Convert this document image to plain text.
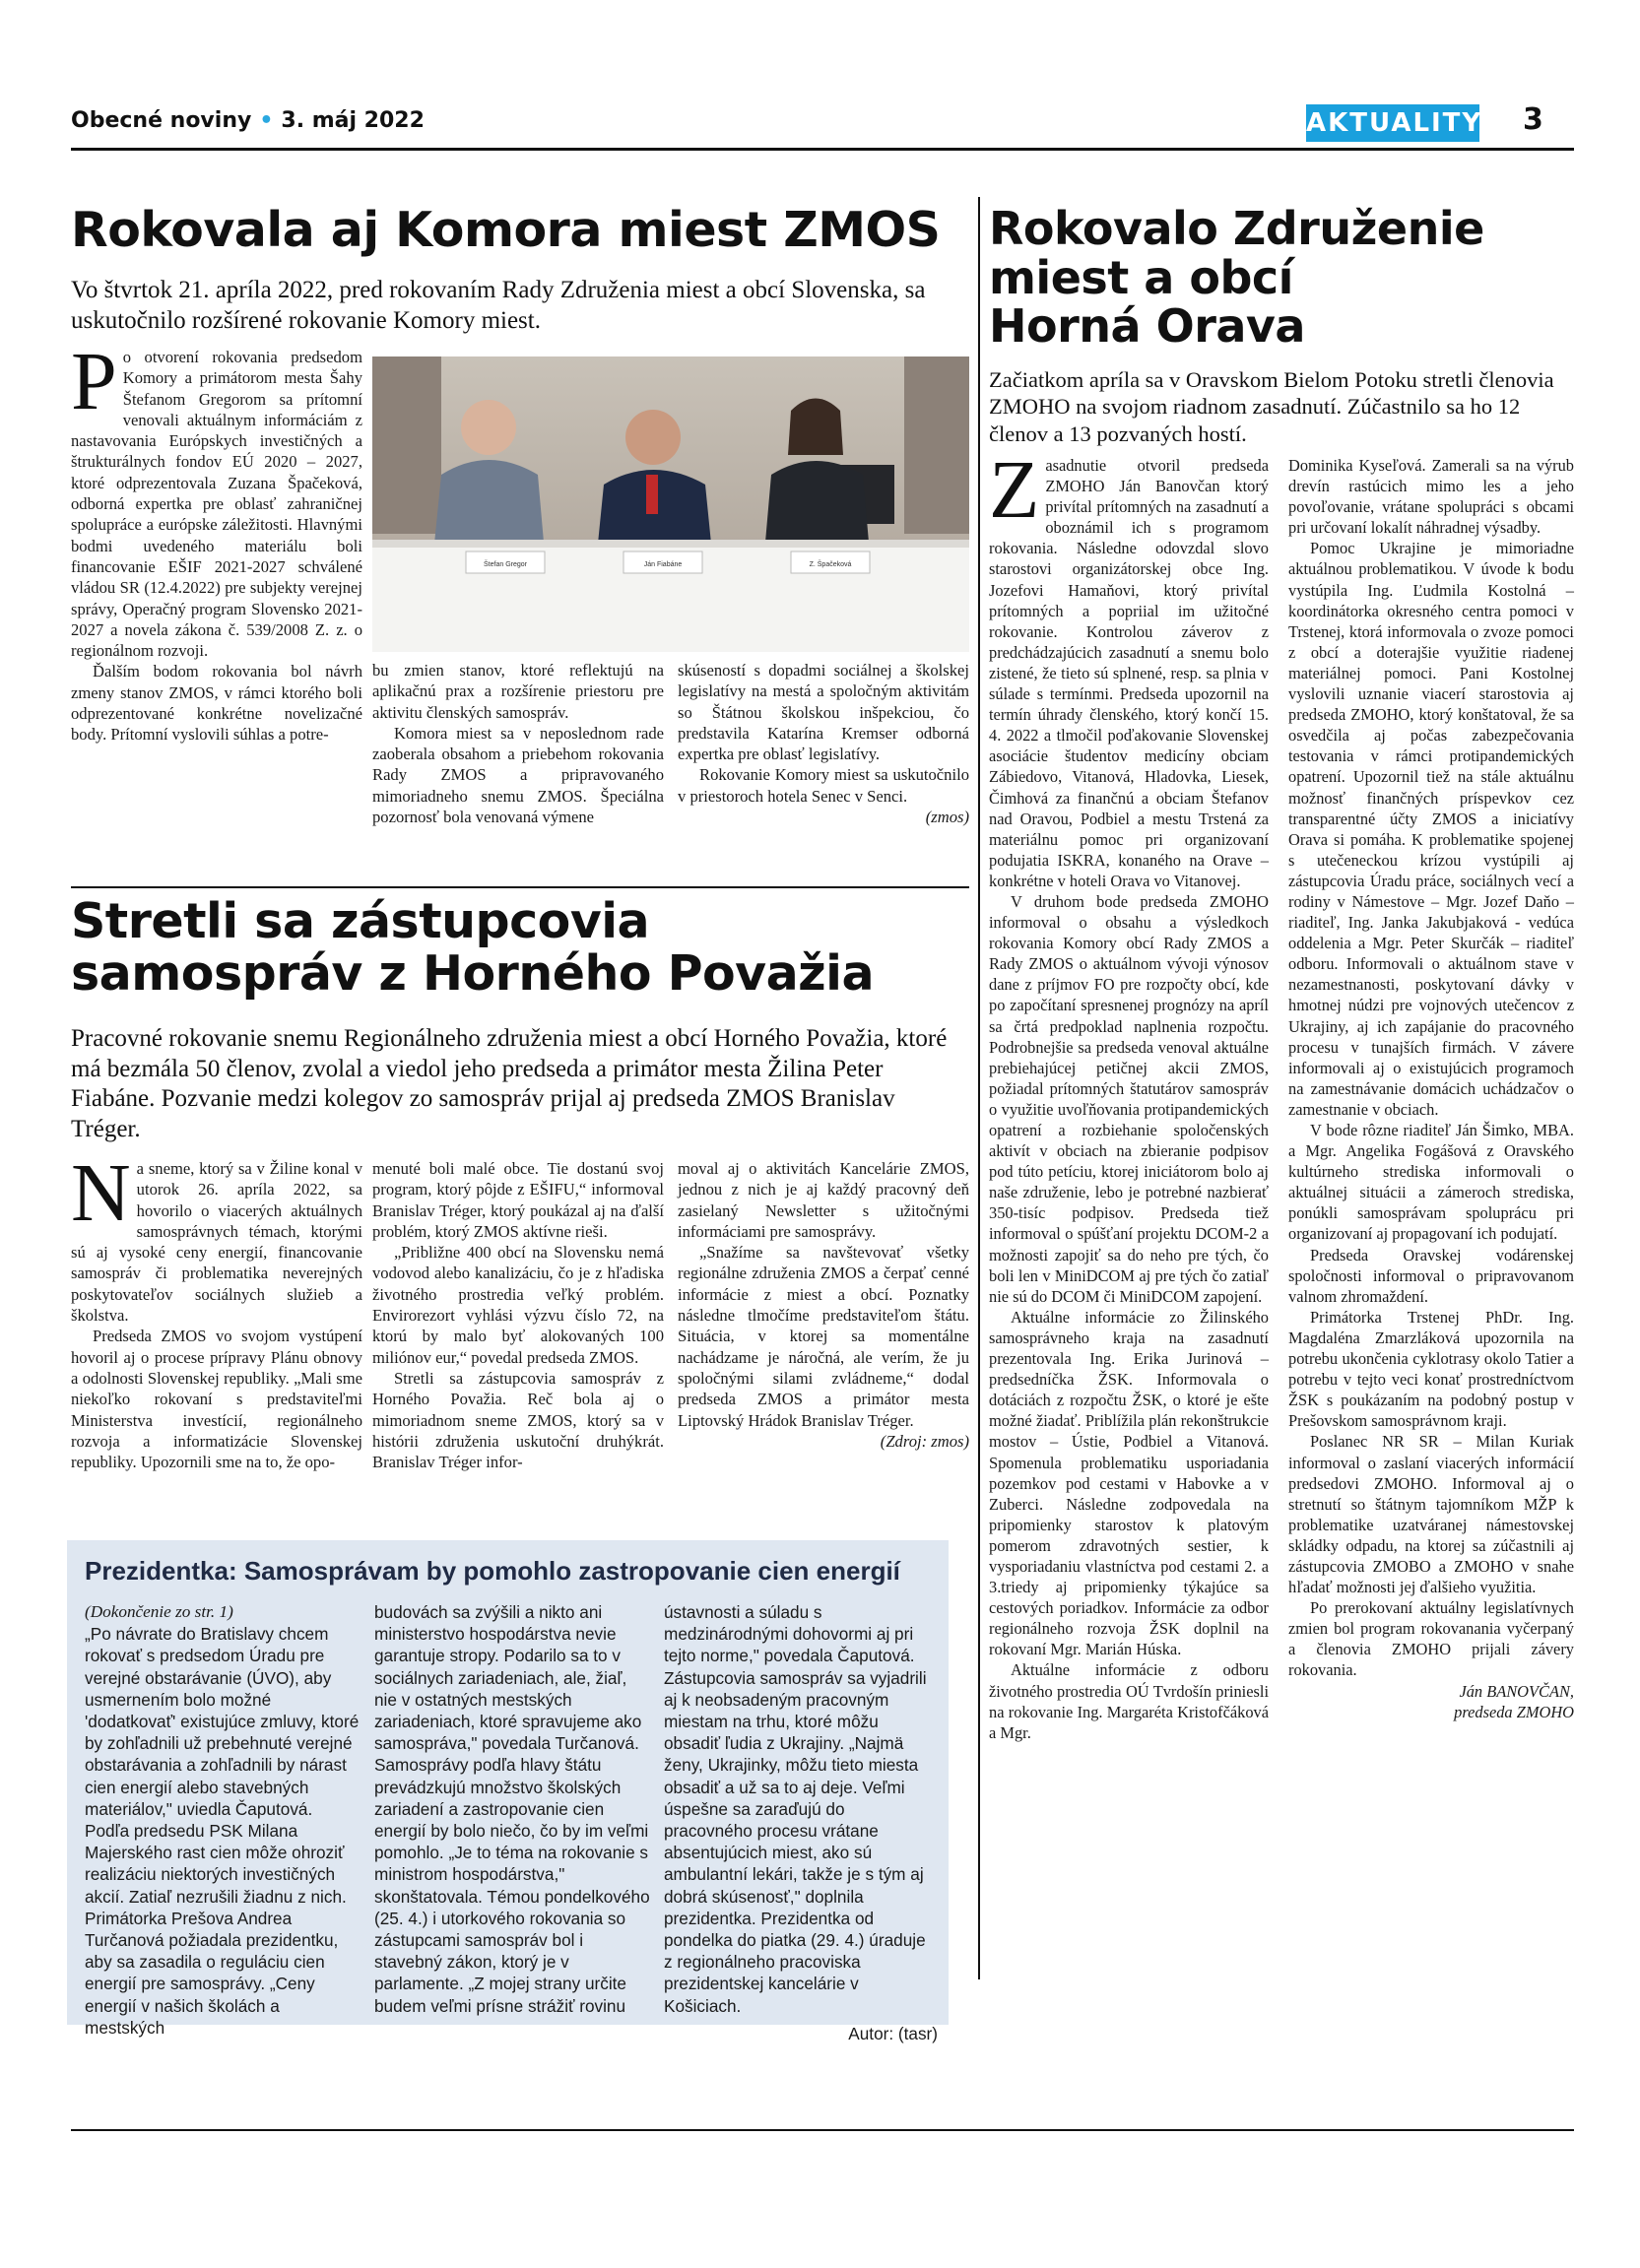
Obecné noviny • 3. máj 2022	AKTUALITY 3
Rokovala aj Komora miest ZMOS
Vo štvrtok 21. apríla 2022, pred rokovaním Rady Združenia miest a obcí Slovenska, sa uskutočnilo rozšírené rokovanie Komory miest.

Po otvorení rokovania predsedom Komory a primátorom mesta Šahy Štefanom Gregorom sa prítomní venovali aktuálnym informáciám z nastavovania Európskych investičných a štrukturálnych fondov EÚ 2020 – 2027, ktoré odprezentovala Zuzana Špačeková, odborná expertka pre oblasť zahraničnej spolupráce a európske záležitosti. Hlavnými bodmi uvedeného materiálu boli financovanie EŠIF 2021-2027 schválené vládou SR (12.4.2022) pre subjekty verejnej správy, Operačný program Slovensko 2021-2027 a novela zákona č. 539/2008 Z. z. o regionálnom rozvoji.

Ďalším bodom rokovania bol návrh zmeny stanov ZMOS, v rámci ktorého boli odprezentované konkrétne novelizačné body. Prítomní vyslovili súhlas a potre-

Štefan Gregor	Ján Fiabáne	Z. Špačeková

bu zmien stanov, ktoré reflektujú na aplikačnú prax a rozšírenie priestoru pre aktivitu členských samospráv.

Komora miest sa v neposlednom rade zaoberala obsahom a priebehom rokovania Rady ZMOS a pripravovaného mimoriadneho snemu ZMOS. Špeciálna pozornosť bola venovaná výmene

skúseností s dopadmi sociálnej a školskej legislatívy na mestá a spoločným aktivitám so Štátnou školskou inšpekciou, čo predstavila Katarína Kremser odborná expertka pre oblasť legislatívy.

Rokovanie Komory miest sa uskutočnilo v priestoroch hotela Senec v Senci.

(zmos)

Stretli sa zástupcovia
samospráv z Horného Považia
Pracovné rokovanie snemu Regionálneho združenia miest a obcí Horného Považia, ktoré má bezmála 50 členov, zvolal a viedol jeho predseda a primátor mesta Žilina Peter Fiabáne. Pozvanie medzi kolegov zo samospráv prijal aj predseda ZMOS Branislav Tréger.

Na sneme, ktorý sa v Žiline konal v utorok 26. apríla 2022, sa hovorilo o viacerých aktuálnych samosprávnych témach, ktorými sú aj vysoké ceny energií, financovanie samospráv či problematika neverejných poskytovateľov sociálnych služieb a školstva.

Predseda ZMOS vo svojom vystúpení hovoril aj o procese prípravy Plánu obnovy a odolnosti Slovenskej republiky. „Mali sme niekoľko rokovaní s predstaviteľmi Ministerstva investícií, regionálneho rozvoja a informatizácie Slovenskej republiky. Upozornili sme na to, že opo-

menuté boli malé obce. Tie dostanú svoj program, ktorý pôjde z EŠIFU,“ informoval Branislav Tréger, ktorý poukázal aj na ďalší problém, ktorý ZMOS aktívne rieši.

„Približne 400 obcí na Slovensku nemá vodovod alebo kanalizáciu, čo je z hľadiska životného prostredia veľký problém. Envirorezort vyhlási výzvu číslo 72, na ktorú by malo byť alokovaných 100 miliónov eur,“ povedal predseda ZMOS.

Stretli sa zástupcovia samospráv z Horného Považia. Reč bola aj o mimoriadnom sneme ZMOS, ktorý sa v histórii združenia uskutoční druhýkrát. Branislav Tréger infor-

moval aj o aktivitách Kancelárie ZMOS, jednou z nich je aj každý pracovný deň zasielaný Newsletter s užitočnými informáciami pre samosprávy.

„Snažíme sa navštevovať všetky regionálne združenia ZMOS a čerpať cenné informácie z miest a obcí. Poznatky následne tlmočíme predstaviteľom štátu. Situácia, v ktorej sa momentálne nachádzame je náročná, ale verím, že ju spoločnými silami zvládneme,“ dodal predseda ZMOS a primátor mesta Liptovský Hrádok Branislav Tréger.

(Zdroj: zmos)

Prezidentka: Samosprávam by pomohlo zastropovanie cien energií
(Dokončenie zo str. 1)
„Po návrate do Bratislavy chcem rokovať s predsedom Úradu pre verejné obstarávanie (ÚVO), aby usmernením bolo možné 'dodatkovať' existujúce zmluvy, ktoré by zohľadnili už prebehnuté verejné obstarávania a zohľadnili by nárast cien energií alebo stavebných materiálov," uviedla Čaputová. Podľa predsedu PSK Milana Majerského rast cien môže ohroziť realizáciu niektorých investičných akcií. Zatiaľ nezrušili žiadnu z nich. Primátorka Prešova Andrea Turčanová požiadala prezidentku, aby sa zasadila o reguláciu cien energií pre samosprávy. „Ceny energií v našich školách a mestských
budovách sa zvýšili a nikto ani ministerstvo hospodárstva nevie garantuje stropy. Podarilo sa to v sociálnych zariadeniach, ale, žiaľ, nie v ostatných mestských zariadeniach, ktoré spravujeme ako samospráva," povedala Turčanová. Samosprávy podľa hlavy štátu prevádzkujú množstvo školských zariadení a zastropovanie cien energií by bolo niečo, čo by im veľmi pomohlo. „Je to téma na rokovanie s ministrom hospodárstva," skonštatovala. Témou pondelkového (25. 4.) i utorkového rokovania so zástupcami samospráv bol i stavebný zákon, ktorý je v parlamente. „Z mojej strany určite budem veľmi prísne strážiť rovinu
ústavnosti a súladu s medzinárodnými dohovormi aj pri tejto norme," povedala Čaputová. Zástupcovia samospráv sa vyjadrili aj k neobsadeným pracovným miestam na trhu, ktoré môžu obsadiť ľudia z Ukrajiny. „Najmä ženy, Ukrajinky, môžu tieto miesta obsadiť a už sa to aj deje. Veľmi úspešne sa zaraďujú do pracovného procesu vrátane absentujúcich miest, ako sú ambulantní lekári, takže je s tým aj dobrá skúsenosť," doplnila prezidentka. Prezidentka od pondelka do piatka (29. 4.) úraduje z regionálneho pracoviska prezidentskej kancelárie v Košiciach.
Autor: (tasr)
Rokovalo Združenie
miest a obcí
Horná Orava
Začiatkom apríla sa v Oravskom Bielom Potoku stretli členovia ZMOHO na svojom riadnom zasadnutí. Zúčastnilo sa ho 12 členov a 13 pozvaných hostí.

Zasadnutie otvoril predseda ZMOHO Ján Banovčan ktorý privítal prítomných na zasadnutí a oboznámil ich s programom rokovania. Následne odovzdal slovo starostovi organizátorskej obce Ing. Jozefovi Hamaňovi, ktorý privítal prítomných a popriial im užitočné rokovanie. Kontrolou záverov z predchádzajúcich zasadnutí a snemu bolo zistené, že tieto sú splnené, resp. sa plnia v súlade s termínmi. Predseda upozornil na termín úhrady členského, ktorý končí 15. 4. 2022 a tlmočil poďakovanie Slovenskej asociácie študentov medicíny obciam Zábiedovo, Vitanová, Hladovka, Liesek, Čimhová za finančnú a obciam Štefanov nad Oravou, Podbiel a mestu Trstená za materiálnu pomoc pri organizovaní podujatia ISKRA, konaného na Orave – konkrétne v hoteli Orava vo Vitanovej.

V druhom bode predseda ZMOHO informoval o obsahu a výsledkoch rokovania Komory obcí Rady ZMOS a Rady ZMOS o aktuálnom vývoji výnosov dane z príjmov FO pre rozpočty obcí, kde po započítaní spresnenej prognózy na apríl sa črtá predpoklad naplnenia rozpočtu. Podrobnejšie sa predseda venoval aktuálne prebiehajúcej petičnej akcii ZMOS, požiadal prítomných štatutárov samospráv o využitie uvoľňovania protipandemických opatrení a rozbiehanie spoločenských aktivít v obciach na zbieranie podpisov pod túto petíciu, ktorej iniciátorom bolo aj naše združenie, lebo je potrebné nazbierať 350-tisíc podpisov. Predseda tiež informoval o spúšťaní projektu DCOM-2 a možnosti zapojiť sa do neho pre tých, čo boli len v MiniDCOM aj pre tých čo zatiaľ nie sú do DCOM či MiniDCOM zapojení.

Aktuálne informácie zo Žilinského samosprávneho kraja na zasadnutí prezentovala Ing. Erika Jurinová – predsedníčka ŽSK. Informovala o dotáciách z rozpočtu ŽSK, o ktoré je ešte možné žiadať. Priblížila plán rekonštrukcie mostov – Ústie, Podbiel a Vitanová. Spomenula problematiku usporiadania pozemkov pod cestami v Habovke a v Zuberci. Následne zodpovedala na pripomienky starostov k platovým pomerom zdravotných sestier, k vysporiadaniu vlastníctva pod cestami 2. a 3.triedy aj pripomienky týkajúce sa cestových poriadkov. Informácie za odbor regionálneho rozvoja ŽSK doplnil na rokovaní Mgr. Marián Húska.

Aktuálne informácie z odboru životného prostredia OÚ Tvrdošín priniesli na rokovanie Ing. Margaréta Kristofčáková a Mgr.

Dominika Kyseľová. Zamerali sa na výrub drevín rastúcich mimo les a jeho povoľovanie, vrátane spolupráci s obcami pri určovaní lokalít náhradnej výsadby.

Pomoc Ukrajine je mimoriadne aktuálnou problematikou. V úvode k bodu vystúpila Ing. Ľudmila Kostolná – koordinátorka okresného centra pomoci v Trstenej, ktorá informovala o zvoze pomoci z obcí a doterajšie využitie riadenej materiálnej pomoci. Pani Kostolnej vyslovili uznanie viacerí starostovia aj predseda ZMOHO, ktorý konštatoval, že sa osvedčila aj počas zabezpečovania testovania v rámci protipandemických opatrení. Upozornil tiež na stále aktuálnu možnosť finančných príspevkov cez transparentné účty ZMOS a iniciatívy Orava si pomáha. K problematike spojenej s utečeneckou krízou vystúpili aj zástupcovia Úradu práce, sociálnych vecí a rodiny v Námestove – Mgr. Jozef Daňo – riaditeľ, Ing. Janka Jakubjaková - vedúca oddelenia a Mgr. Peter Skurčák – riaditeľ odboru. Informovali o aktuálnom stave v nezamestnanosti, poskytovaní dávky v hmotnej núdzi pre vojnových utečencov z Ukrajiny, aj ich zapájanie do pracovného procesu v tunajších firmách. V závere informovali aj o existujúcich programoch na zamestnávanie domácich uchádzačov o zamestnanie v obciach.

V bode rôzne riaditeľ Ján Šimko, MBA. a Mgr. Angelika Fogášová z Oravského kultúrneho strediska informovali o aktuálnej situácii a zámeroch strediska, ponúkli samosprávam spoluprácu pri organizovaní aj propagovaní ich podujatí.

Predseda Oravskej vodárenskej spoločnosti informoval o pripravovanom valnom zhromaždení.

Primátorka Trstenej PhDr. Ing. Magdaléna Zmarzláková upozornila na potrebu ukončenia cyklotrasy okolo Tatier a potrebu v tejto veci konať prostredníctvom ŽSK s poukázaním na podobný postup v Prešovskom samosprávnom kraji.

Poslanec NR SR – Milan Kuriak informoval o zaslaní viacerých informácií predsedovi ZMOHO. Informoval aj o stretnutí so štátnym tajomníkom MŽP k problematike uzatváranej námestovskej skládky odpadu, na ktorej sa zúčastnili aj zástupcovia ZMOBO a ZMOHO v snahe hľadať možnosti jej ďalšieho využitia.

Po prerokovaní aktuálny legislatívnych zmien bol program rokovanania vyčerpaný a členovia ZMOHO prijali závery rokovania.

Ján BANOVČAN,

predseda ZMOHO
